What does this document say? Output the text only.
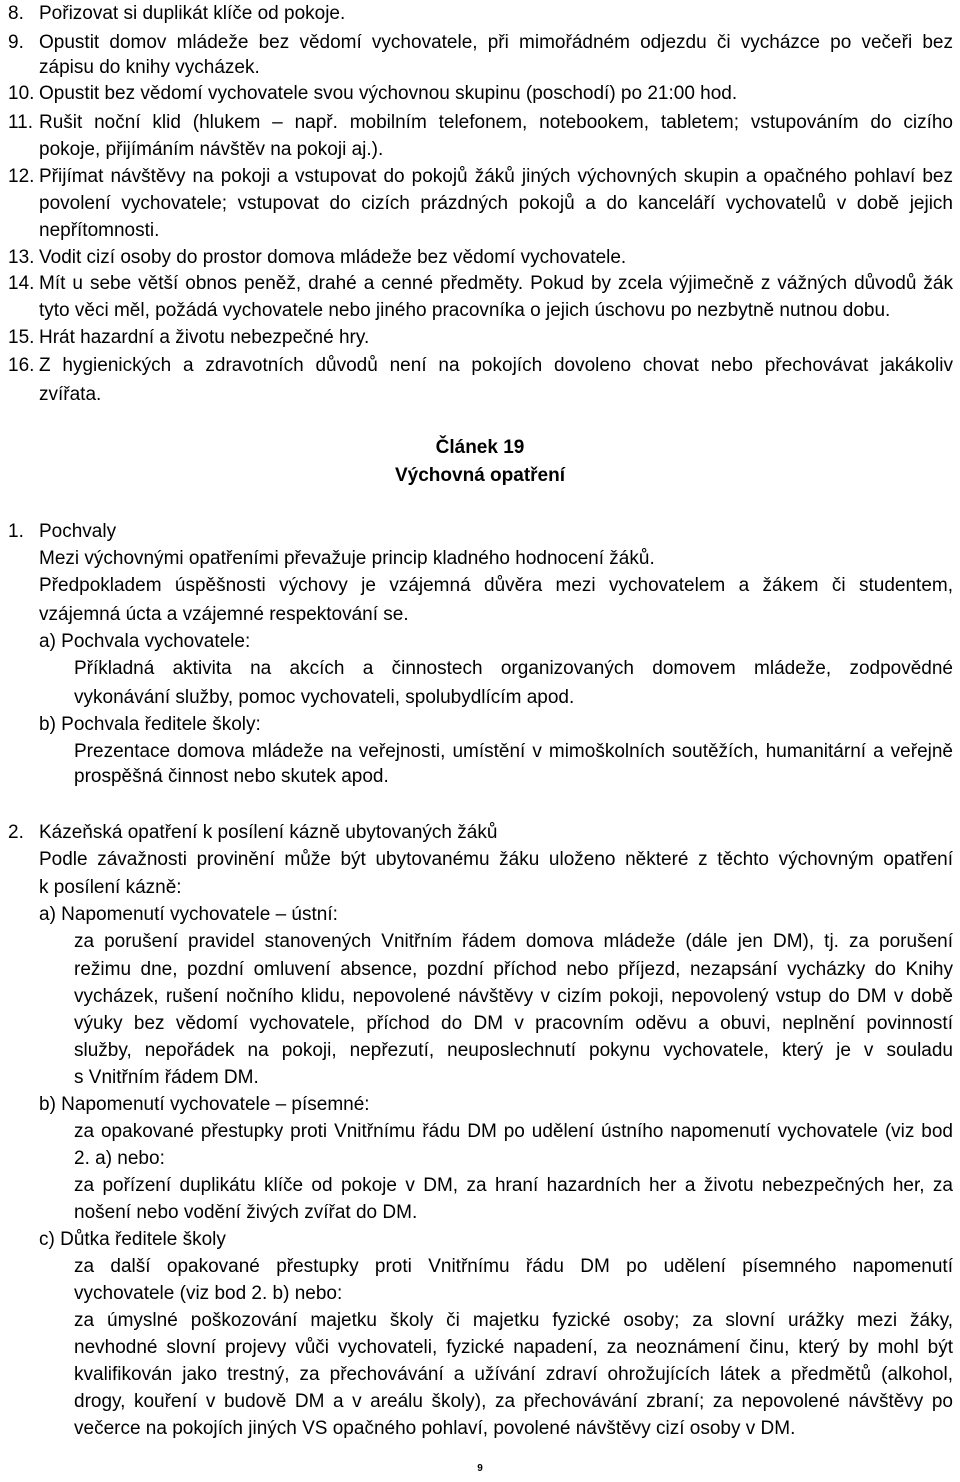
8. Pořizovat si duplikát klíče od pokoje.
9. Opustit domov mládeže bez vědomí vychovatele, při mimořádném odjezdu či vycházce po večeři bez
zápisu do knihy vycházek.
10. Opustit bez vědomí vychovatele svou výchovnou skupinu (poschodí) po 21:00 hod.
11. Rušit noční klid (hlukem – např. mobilním telefonem, notebookem, tabletem; vstupováním do cizího
pokoje, přijímáním návštěv na pokoji aj.).
12. Přijímat návštěvy na pokoji a vstupovat do pokojů žáků jiných výchovných skupin a opačného pohlaví bez
povolení vychovatele; vstupovat do cizích prázdných pokojů a do kanceláří vychovatelů v době jejich
nepřítomnosti.
13. Vodit cizí osoby do prostor domova mládeže bez vědomí vychovatele.
14. Mít u sebe větší obnos peněž, drahé a cenné předměty. Pokud by zcela výjimečně z vážných důvodů žák
tyto věci měl, požádá vychovatele nebo jiného pracovníka o jejich úschovu po nezbytně nutnou dobu.
15. Hrát hazardní a životu nebezpečné hry.
16. Z hygienických a zdravotních důvodů není na pokojích dovoleno chovat nebo přechovávat jakákoliv
zvířata.
Článek 19
Výchovná opatření
1. Pochvaly
Mezi výchovnými opatřeními převažuje princip kladného hodnocení žáků.
Předpokladem úspěšnosti výchovy je vzájemná důvěra mezi vychovatelem a žákem či studentem,
vzájemná úcta a vzájemné respektování se.
a) Pochvala vychovatele:
Příkladná aktivita na akcích a činnostech organizovaných domovem mládeže, zodpovědné
vykonávání služby, pomoc vychovateli, spolubydlícím apod.
b) Pochvala ředitele školy:
Prezentace domova mládeže na veřejnosti, umístění v mimoškolních soutěžích, humanitární a veřejně
prospěšná činnost nebo skutek apod.
2. Kázeňská opatření k posílení kázně ubytovaných žáků
Podle závažnosti provinění může být ubytovanému žáku uloženo některé z těchto výchovným opatření
k posílení kázně:
a) Napomenutí vychovatele – ústní:
za porušení pravidel stanovených Vnitřním řádem domova mládeže (dále jen DM), tj. za porušení
režimu dne, pozdní omluvení absence, pozdní příchod nebo příjezd, nezapsání vycházky do Knihy
vycházek, rušení nočního klidu, nepovolené návštěvy v cizím pokoji, nepovolený vstup do DM v době
výuky bez vědomí vychovatele, příchod do DM v pracovním oděvu a obuvi, neplnění povinností
služby, nepořádek na pokoji, nepřezutí, neuposlechnutí pokynu vychovatele, který je v souladu
s Vnitřním řádem DM.
b) Napomenutí vychovatele – písemné:
za opakované přestupky proti Vnitřnímu řádu DM po udělení ústního napomenutí vychovatele (viz bod
2. a) nebo:
za pořízení duplikátu klíče od pokoje v DM, za hraní hazardních her a životu nebezpečných her, za
nošení nebo vodění živých zvířat do DM.
c) Důtka ředitele školy
za další opakované přestupky proti Vnitřnímu řádu DM po udělení písemného napomenutí
vychovatele (viz bod 2. b) nebo:
za úmyslné poškozování majetku školy či majetku fyzické osoby; za slovní urážky mezi žáky,
nevhodné slovní projevy vůči vychovateli, fyzické napadení, za neoznámení činu, který by mohl být
kvalifikován jako trestný, za přechovávání a užívání zdraví ohrožujících látek a předmětů (alkohol,
drogy, kouření v budově DM a v areálu školy), za přechovávání zbraní; za nepovolené návštěvy po
večerce na pokojích jiných VS opačného pohlaví, povolené návštěvy cizí osoby v DM.
9
